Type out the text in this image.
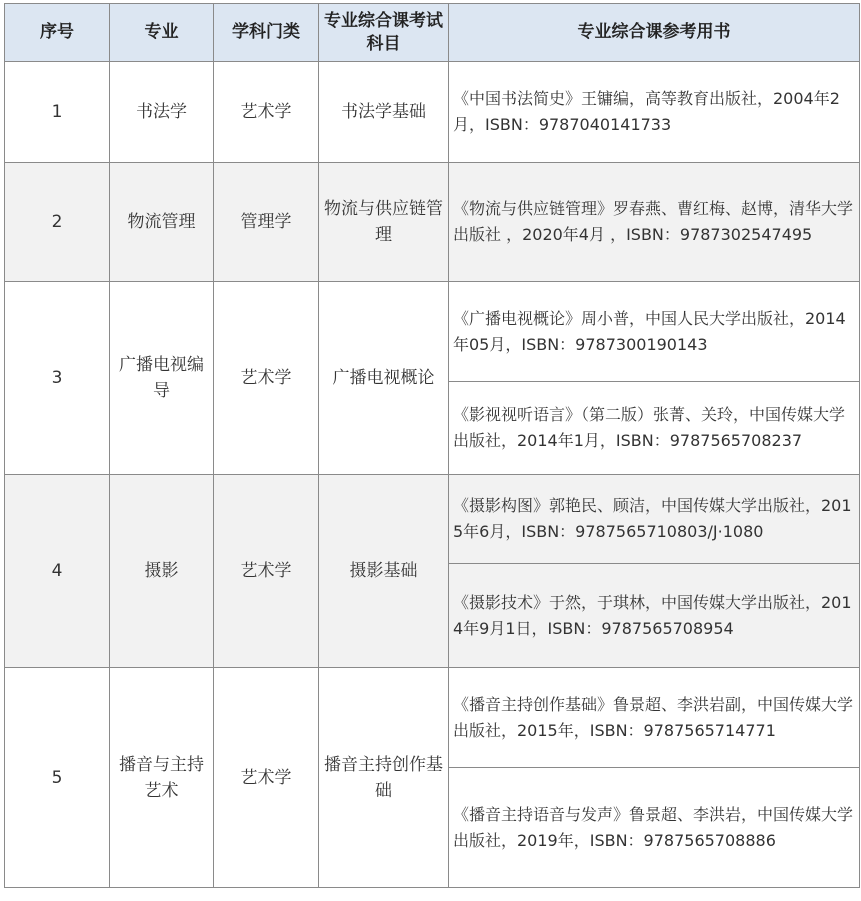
序号	专业	学科门类	专业综合课考试科目	专业综合课参考用书
1	书法学	艺术学	书法学基础	《中国书法简史》王镛编，高等教育出版社，2004年2月，ISBN：9787040141733
2	物流管理	管理学	物流与供应链管理	《物流与供应链管理》罗春燕、曹红梅、赵博，清华大学出版社 ，2020年4月 ，ISBN：9787302547495
3	广播电视编导	艺术学	广播电视概论	《广播电视概论》周小普，中国人民大学出版社，2014年05月，ISBN：9787300190143
				《影视视听语言》（第二版）张菁、关玲，中国传媒大学出版社，2014年1月，ISBN：9787565708237
4	摄影	艺术学	摄影基础	《摄影构图》郭艳民、顾洁，中国传媒大学出版社，2015年6月，ISBN：9787565710803/J·1080
				《摄影技术》于然，于琪林，中国传媒大学出版社，2014年9月1日，ISBN：9787565708954
5	播音与主持艺术	艺术学	播音主持创作基础	《播音主持创作基础》鲁景超、李洪岩副，中国传媒大学出版社，2015年，ISBN：9787565714771
				《播音主持语音与发声》鲁景超、李洪岩，中国传媒大学出版社，2019年，ISBN：9787565708886
